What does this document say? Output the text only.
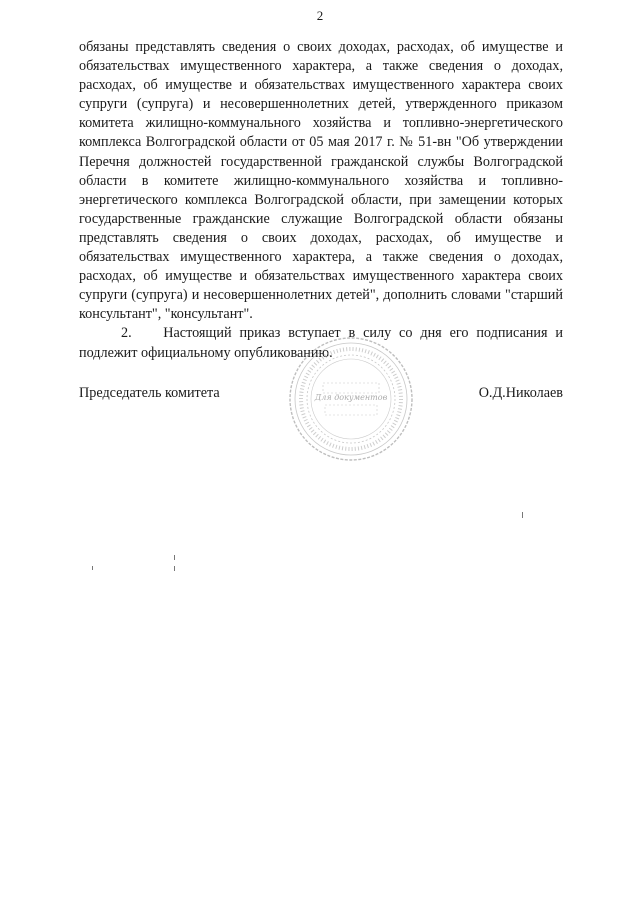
2

обязаны представлять сведения о своих доходах, расходах, об имуществе и обязательствах имущественного характера, а также сведения о доходах, расходах, об имуществе и обязательствах имущественного характера своих супруги (супруга) и несовершеннолетних детей, утвержденного приказом комитета жилищно-коммунального хозяйства и топливно-энергетического комплекса Волгоградской области от 05 мая 2017 г. № 51-вн "Об утверждении Перечня должностей государственной гражданской службы Волгоградской области в комитете жилищно-коммунального хозяйства и топливно-энергетического комплекса Волгоградской области, при замещении которых государственные гражданские служащие Волгоградской области обязаны представлять сведения о своих доходах, расходах, об имуществе и обязательствах имущественного характера, а также сведения о доходах, расходах, об имуществе и обязательствах имущественного характера своих супруги (супруга) и несовершеннолетних детей", дополнить словами "старший консультант", "консультант".

2.    Настоящий приказ вступает в силу со дня его подписания и подлежит официальному опубликованию.

Председатель комитета	О.Д.Николаев
Для документов
